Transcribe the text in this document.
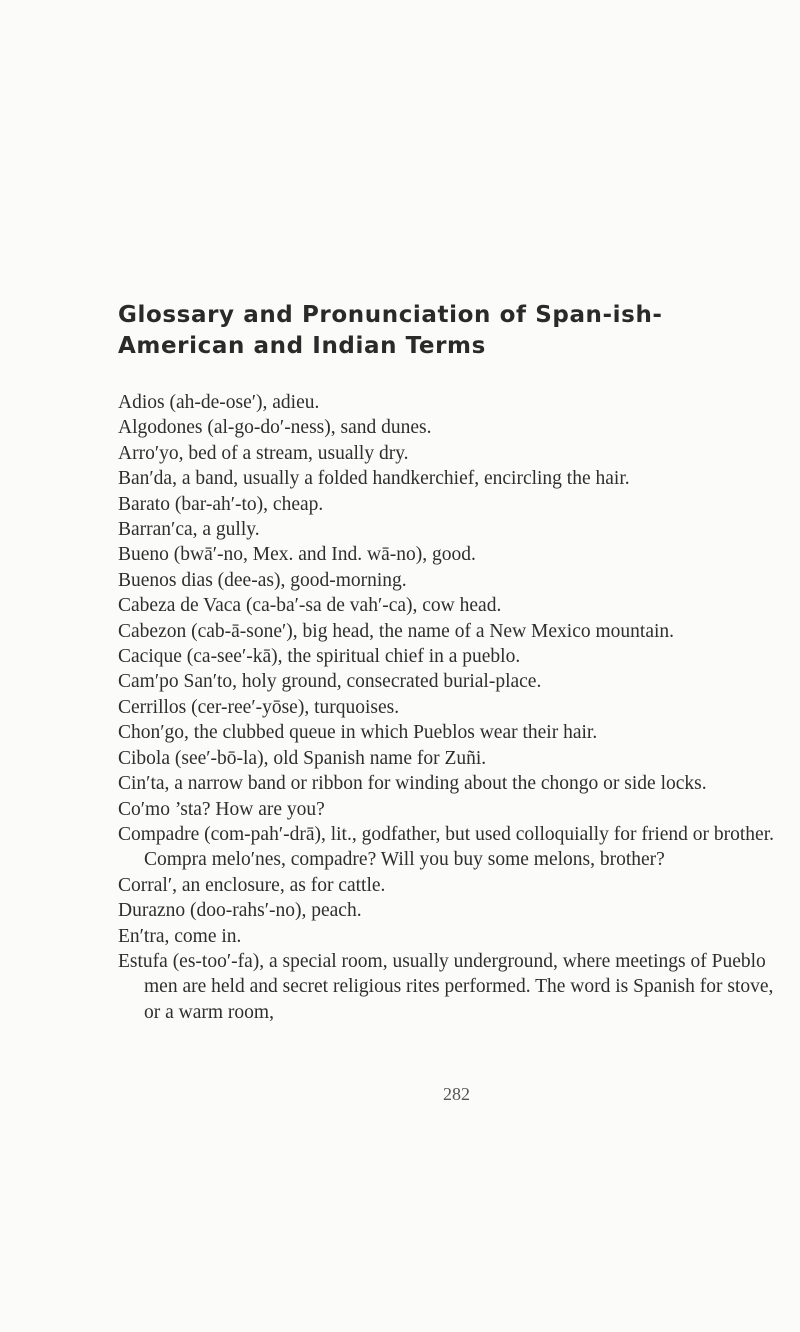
Glossary and Pronunciation of Span-ish-American and Indian Terms
Adios (ah-de-ose′), adieu.
Algodones (al-go-do′-ness), sand dunes.
Arro′yo, bed of a stream, usually dry.
Ban′da, a band, usually a folded handkerchief, encircling the hair.
Barato (bar-ah′-to), cheap.
Barran′ca, a gully.
Bueno (bwā′-no, Mex. and Ind. wā-no), good.
Buenos dias (dee-as), good-morning.
Cabeza de Vaca (ca-ba′-sa de vah′-ca), cow head.
Cabezon (cab-ā-sone′), big head, the name of a New Mexico mountain.
Cacique (ca-see′-kā), the spiritual chief in a pueblo.
Cam′po San′to, holy ground, consecrated burial-place.
Cerrillos (cer-ree′-yōse), turquoises.
Chon′go, the clubbed queue in which Pueblos wear their hair.
Cibola (see′-bō-la), old Spanish name for Zuñi.
Cin′ta, a narrow band or ribbon for winding about the chongo or side locks.
Co′mo ’sta? How are you?
Compadre (com-pah′-drā), lit., godfather, but used colloquially for friend or brother. Compra melo′nes, compadre? Will you buy some melons, brother?
Corral′, an enclosure, as for cattle.
Durazno (doo-rahs′-no), peach.
En′tra, come in.
Estufa (es-too′-fa), a special room, usually underground, where meetings of Pueblo men are held and secret religious rites performed. The word is Spanish for stove, or a warm room,
282
